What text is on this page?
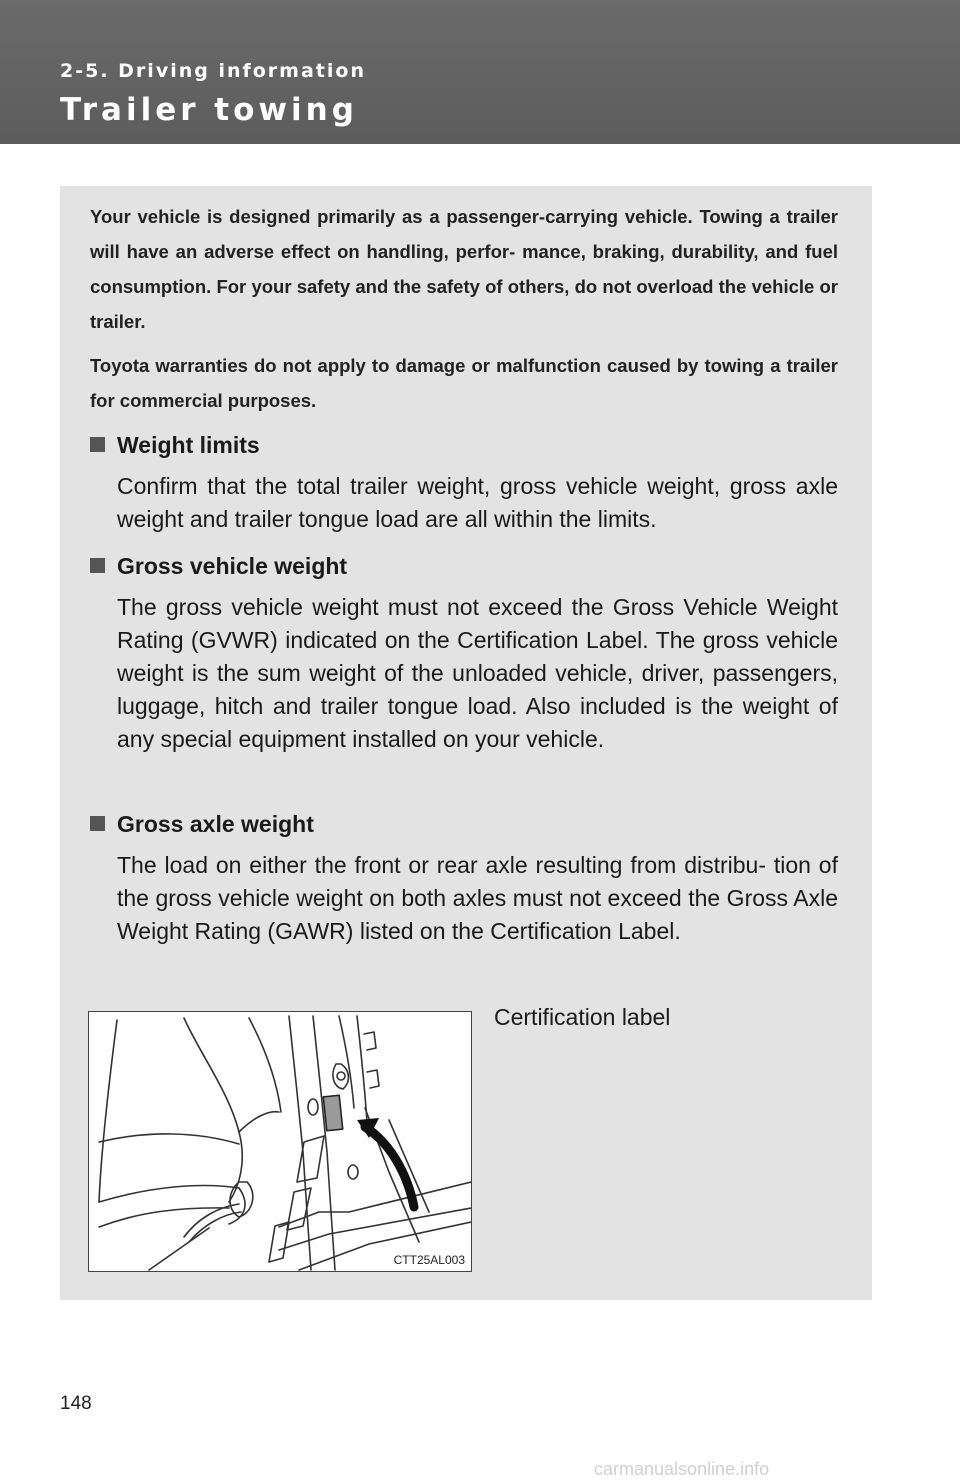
2-5. Driving information
Trailer towing

Your vehicle is designed primarily as a passenger-carrying vehicle. Towing a trailer will have an adverse effect on handling, perfor- mance, braking, durability, and fuel consumption. For your safety and the safety of others, do not overload the vehicle or trailer.

Toyota warranties do not apply to damage or malfunction caused by towing a trailer for commercial purposes.

Weight limits

Confirm that the total trailer weight, gross vehicle weight, gross axle weight and trailer tongue load are all within the limits.

Gross vehicle weight

The gross vehicle weight must not exceed the Gross Vehicle Weight Rating (GVWR) indicated on the Certification Label. The gross vehicle weight is the sum weight of the unloaded vehicle, driver, passengers, luggage, hitch and trailer tongue load. Also included is the weight of any special equipment installed on your vehicle.

Gross axle weight

The load on either the front or rear axle resulting from distribu- tion of the gross vehicle weight on both axles must not exceed the Gross Axle Weight Rating (GAWR) listed on the Certification Label.

CTT25AL003
Certification label
148
carmanualsonline.info
